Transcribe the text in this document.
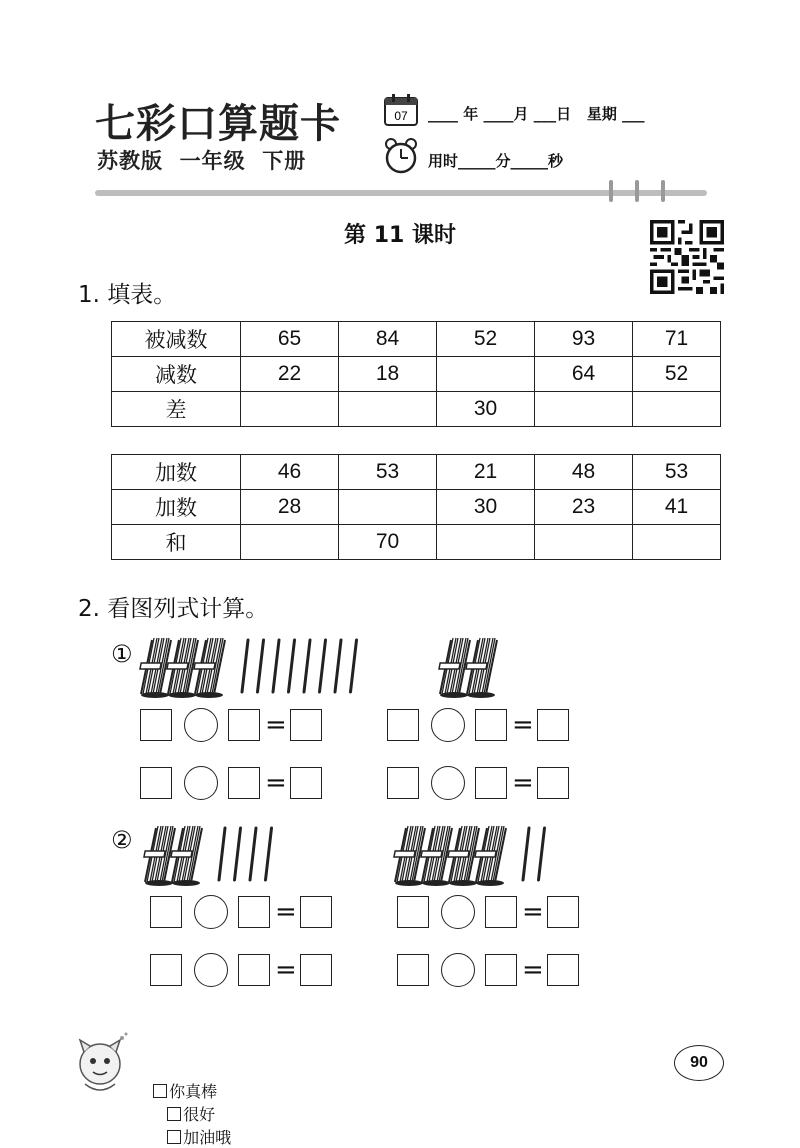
七彩口算题卡
苏教版  一年级  下册
07 ____ 年 ____月 ___日   星期 ___
用时_____分_____秒
第 11 课时
1. 填表。
被减数	65	84	52	93	71
减数	22	18		64	52
差			30		
加数	46	53	21	48	53
加数	28		30	23	41
和		70			
2. 看图列式计算。
①
②
=	=
=	=
=	=
=	=

你真棒
很好
加油哦

90
